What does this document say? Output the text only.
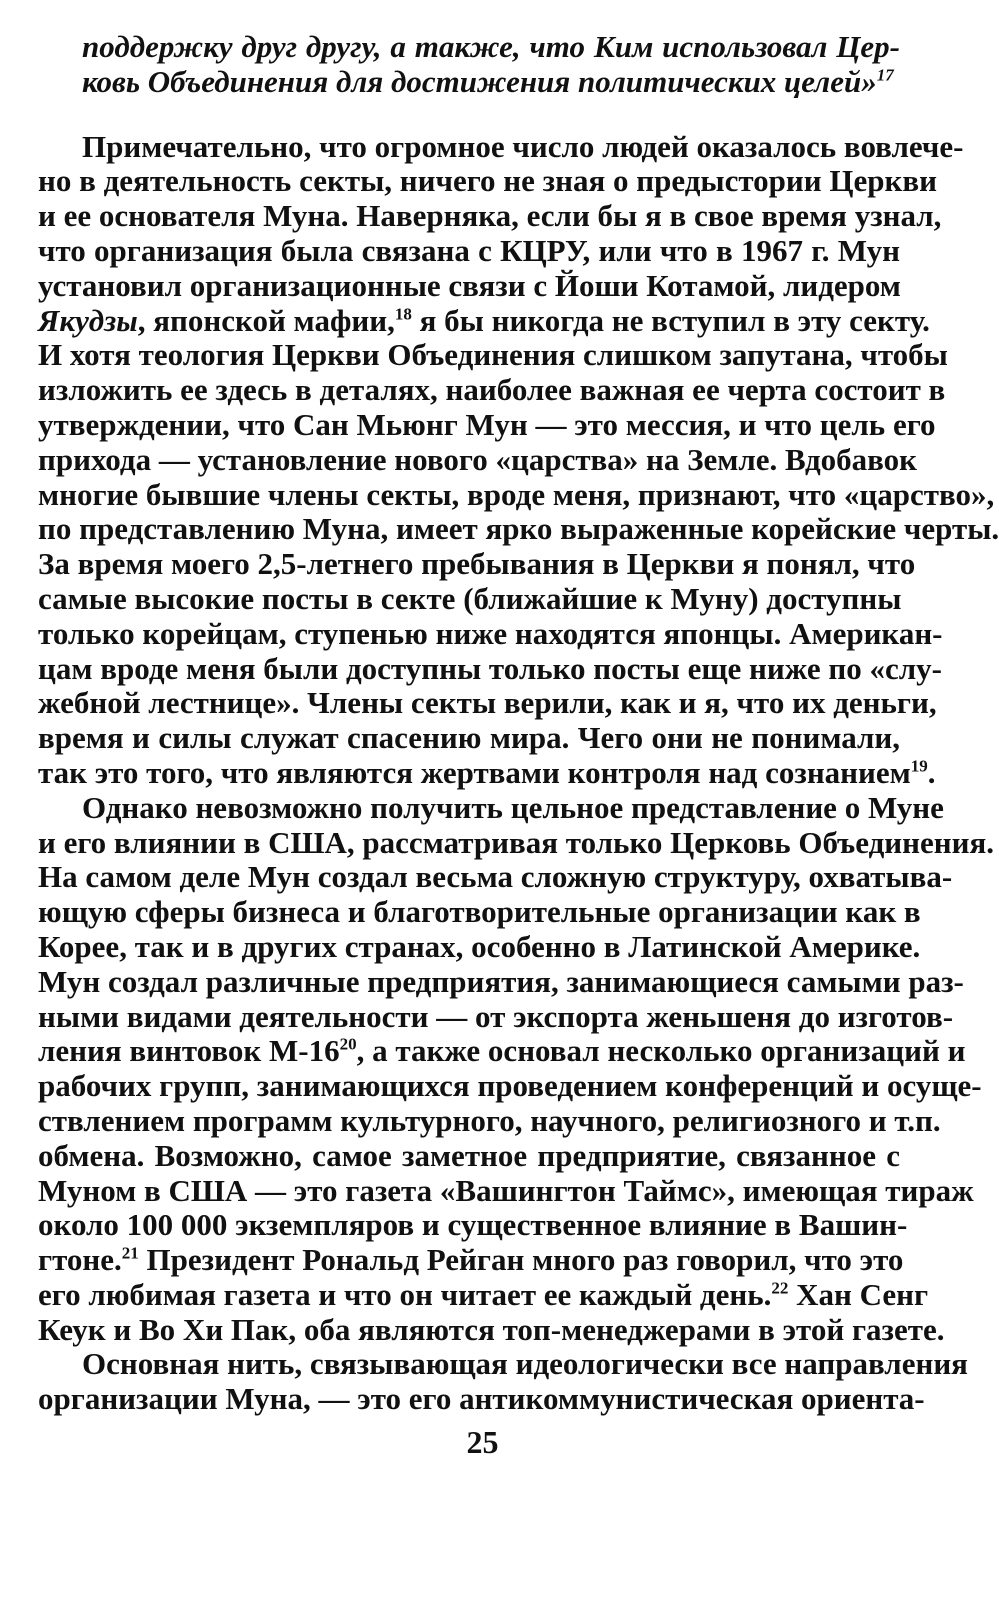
поддержку друг другу, а также, что Ким использовал Цер-
ковь Объединения для достижения политических целей»$^{17}$
Примечательно, что огромное число людей оказалось вовлече-
но в деятельность секты, ничего не зная о предыстории Церкви
и ее основателя Муна. Наверняка, если бы я в свое время узнал,
что организация была связана с КЦРУ, или что в 1967 г. Мун
установил организационные связи с Йоши Котамой, лидером
Якудзы, японской мафии,$^{18}$ я бы никогда не вступил в эту секту.
И хотя теология Церкви Объединения слишком запутана, чтобы
изложить ее здесь в деталях, наиболее важная ее черта состоит в
утверждении, что Сан Мьюнг Мун — это мессия, и что цель его
прихода — установление нового «царства» на Земле. Вдобавок
многие бывшие члены секты, вроде меня, признают, что «царство»,
по представлению Муна, имеет ярко выраженные корейские черты.
За время моего 2,5-летнего пребывания в Церкви я понял, что
самые высокие посты в секте (ближайшие к Муну) доступны
только корейцам, ступенью ниже находятся японцы. Американ-
цам вроде меня были доступны только посты еще ниже по «слу-
жебной лестнице». Члены секты верили, как и я, что их деньги,
время и силы служат спасению мира. Чего они не понимали,
так это того, что являются жертвами контроля над сознанием$^{19}$.
Однако невозможно получить цельное представление о Муне
и его влиянии в США, рассматривая только Церковь Объединения.
На самом деле Мун создал весьма сложную структуру, охватыва-
ющую сферы бизнеса и благотворительные организации как в
Корее, так и в других странах, особенно в Латинской Америке.
Мун создал различные предприятия, занимающиеся самыми раз-
ными видами деятельности — от экспорта женьшеня до изготов-
ления винтовок $М-16^{20}$, а также основал несколько организаций и
рабочих групп, занимающихся проведением конференций и осуще-
ствлением программ культурного, научного, религиозного и т.п.
обмена. Возможно, самое заметное предприятие, связанное с
Муном в США — это газета «Вашингтон Таймс», имеющая тираж
около 100 000 экземпляров и существенное влияние в Вашин-
гтоне.$^{21}$ Президент Рональд Рейган много раз говорил, что это
его любимая газета и что он читает ее каждый день.$^{22}$ Хан Сенг
Кеук и Во Хи Пак, оба являются топ-менеджерами в этой газете.
Основная нить, связывающая идеологически все направления
организации Муна, — это его антикоммунистическая ориента-
25
